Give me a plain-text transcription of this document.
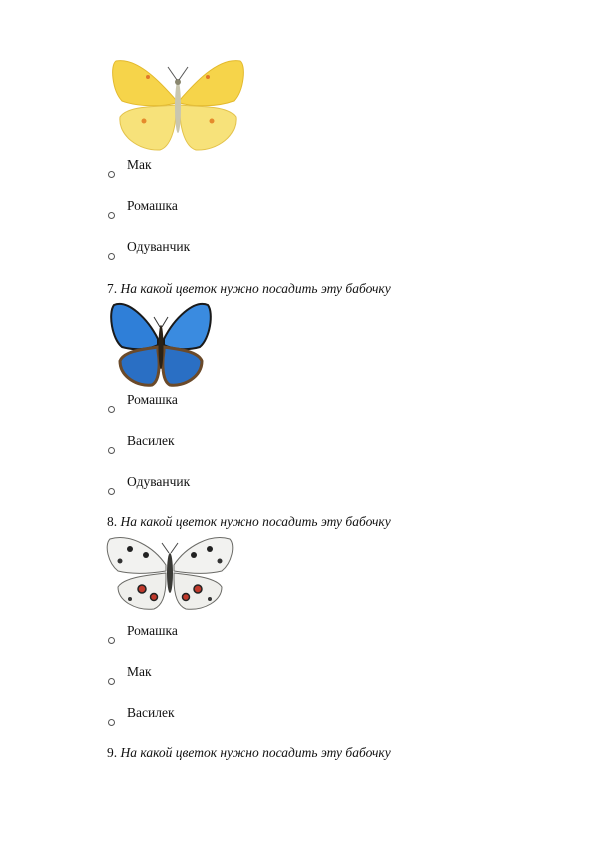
Мак
Ромашка
Одуванчик
7. На какой цветок нужно посадить эту бабочку
Ромашка
Василек
Одуванчик
8. На какой цветок нужно посадить эту бабочку
Ромашка
Мак
Василек
9. На какой цветок нужно посадить эту бабочку
